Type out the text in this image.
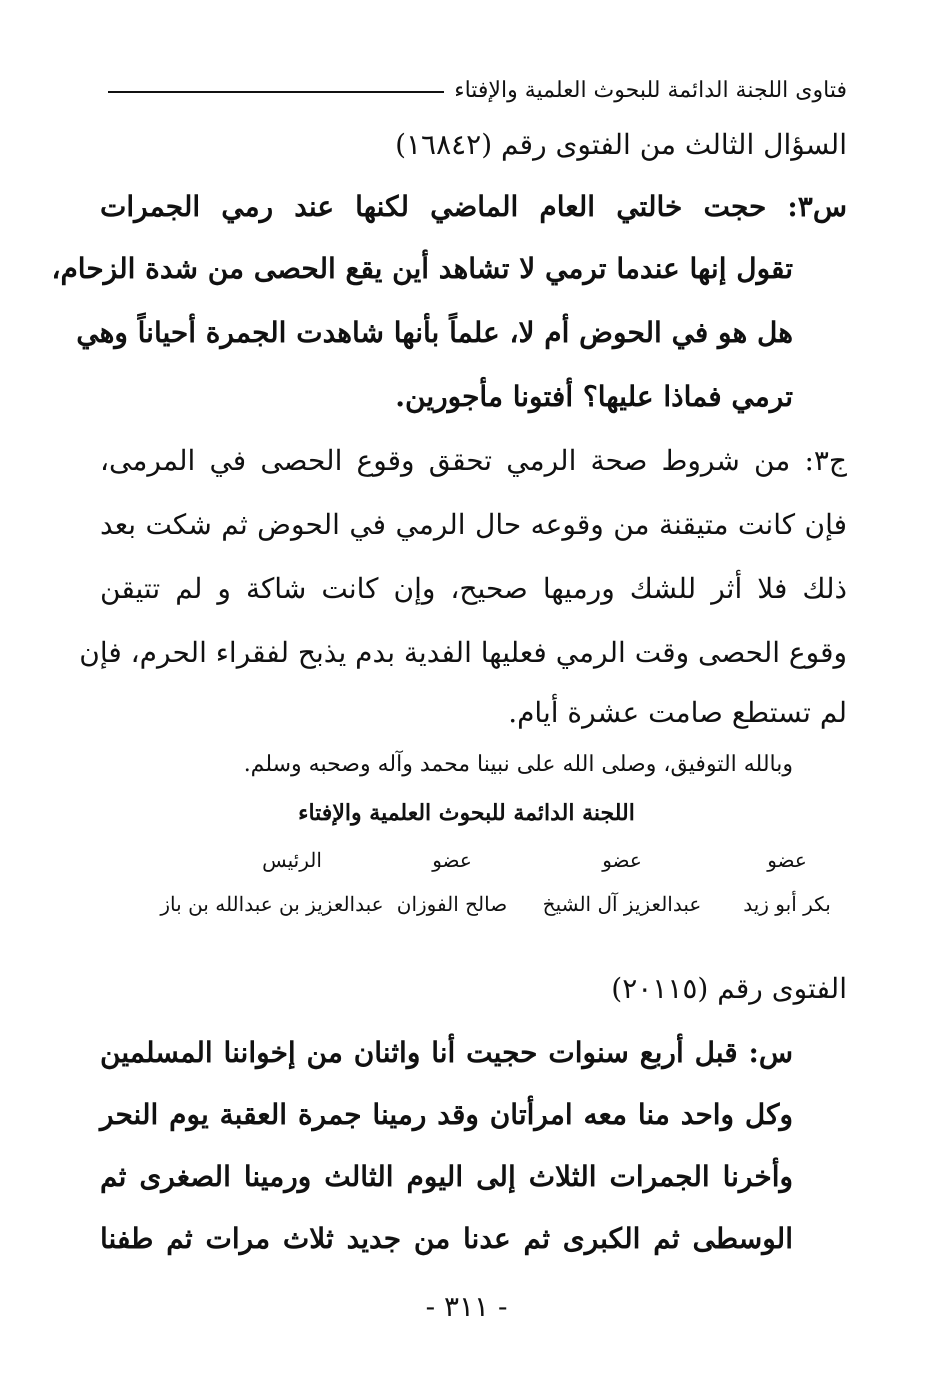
فتاوى اللجنة الدائمة للبحوث العلمية والإفتاء
السؤال الثالث من الفتوى رقم (١٦٨٤٢)
س٣: حجت خالتي العام الماضي لكنها عند رمي الجمرات
تقول إنها عندما ترمي لا تشاهد أين يقع الحصى من شدة الزحام،
هل هو في الحوض أم لا، علماً بأنها شاهدت الجمرة أحياناً وهي
ترمي فماذا عليها؟ أفتونا مأجورين.
ج٣: من شروط صحة الرمي تحقق وقوع الحصى في المرمى،
فإن كانت متيقنة من وقوعه حال الرمي في الحوض ثم شكت بعد
ذلك فلا أثر للشك ورميها صحيح، وإن كانت شاكة و لم تتيقن
وقوع الحصى وقت الرمي فعليها الفدية بدم يذبح لفقراء الحرم، فإن
لم تستطع صامت عشرة أيام.
وبالله التوفيق، وصلى الله على نبينا محمد وآله وصحبه وسلم.
اللجنة الدائمة للبحوث العلمية والإفتاء
عضو
عضو
عضو
الرئيس
بكر أبو زيد
عبدالعزيز آل الشيخ
صالح الفوزان
عبدالعزيز بن عبدالله بن باز
الفتوى رقم (٢٠١١٥)
س: قبل أربع سنوات حجيت أنا واثنان من إخواننا المسلمين
وكل واحد منا معه امرأتان وقد رمينا جمرة العقبة يوم النحر
وأخرنا الجمرات الثلاث إلى اليوم الثالث ورمينا الصغرى ثم
الوسطى ثم الكبرى ثم عدنا من جديد ثلاث مرات ثم طفنا
- ٣١١ -
